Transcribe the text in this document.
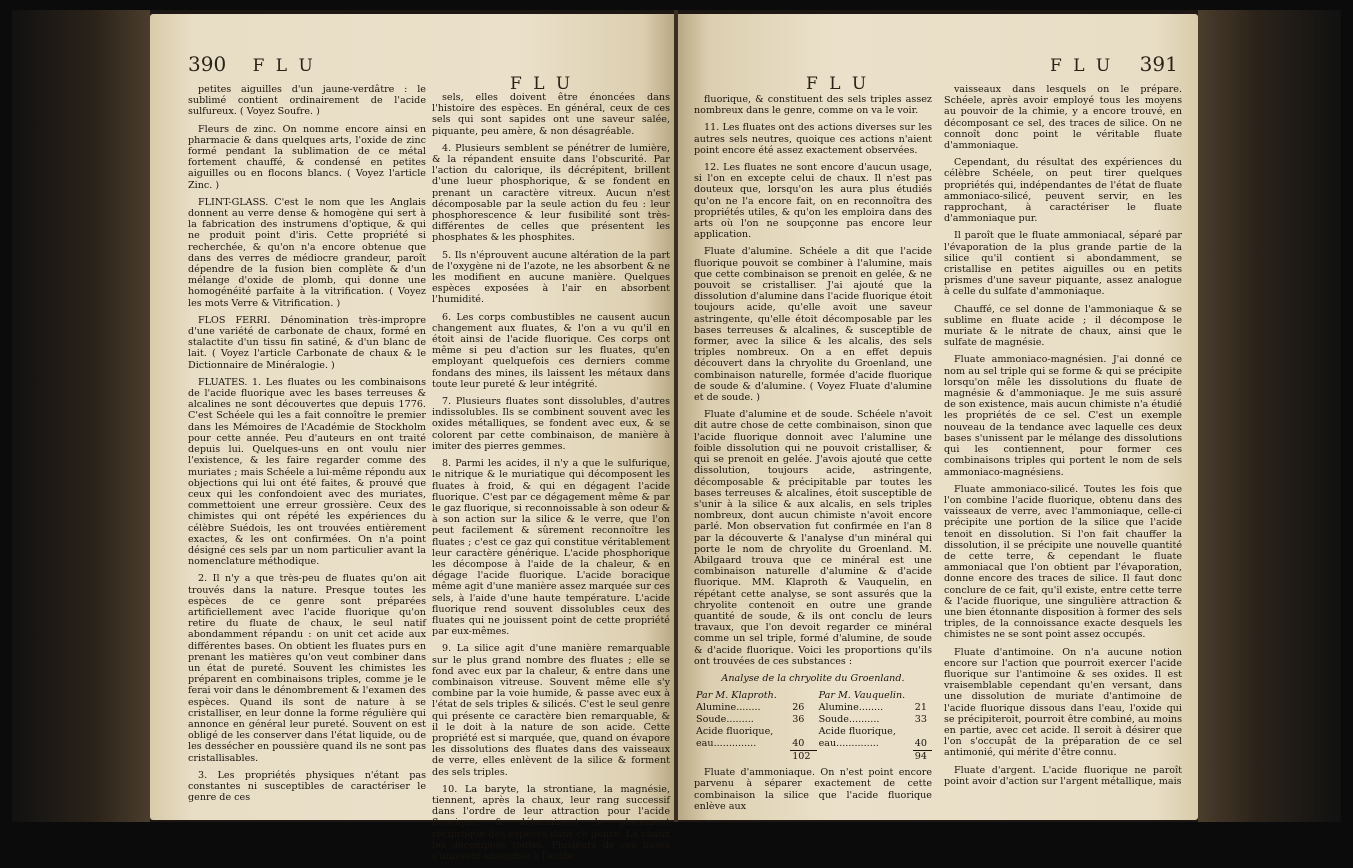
390 F L U
F L U

petites aiguilles d'un jaune-verdâtre : le sublimé contient ordinairement de l'acide sulfureux. ( Voyez Soufre. )

Fleurs de zinc. On nomme encore ainsi en pharmacie & dans quelques arts, l'oxide de zinc formé pendant la sublimation de ce métal fortement chauffé, & condensé en petites aiguilles ou en flocons blancs. ( Voyez l'article Zinc. )

FLINT-GLASS. C'est le nom que les Anglais donnent au verre dense & homogène qui sert à la fabrication des instrumens d'optique, & qui ne produit point d'iris. Cette propriété si recherchée, & qu'on n'a encore obtenue que dans des verres de médiocre grandeur, paroît dépendre de la fusion bien complète & d'un mélange d'oxide de plomb, qui donne une homogénéité parfaite à la vitrification. ( Voyez les mots Verre & Vitrification. )

FLOS FERRI. Dénomination très-impropre d'une variété de carbonate de chaux, formé en stalactite d'un tissu fin satiné, & d'un blanc de lait. ( Voyez l'article Carbonate de chaux & le Dictionnaire de Minéralogie. )

FLUATES. 1. Les fluates ou les combinaisons de l'acide fluorique avec les bases terreuses & alcalines ne sont découvertes que depuis 1776. C'est Schéele qui les a fait connoître le premier dans les Mémoires de l'Académie de Stockholm pour cette année. Peu d'auteurs en ont traité depuis lui. Quelques-uns en ont voulu nier l'existence, & les faire regarder comme des muriates ; mais Schéele a lui-même répondu aux objections qui lui ont été faites, & prouvé que ceux qui les confondoient avec des muriates, commettoient une erreur grossière. Ceux des chimistes qui ont répété les expériences du célèbre Suédois, les ont trouvées entièrement exactes, & les ont confirmées. On n'a point désigné ces sels par un nom particulier avant la nomenclature méthodique.

2. Il n'y a que très-peu de fluates qu'on ait trouvés dans la nature. Presque toutes les espèces de ce genre sont préparées artificiellement avec l'acide fluorique qu'on retire du fluate de chaux, le seul natif abondamment répandu : on unit cet acide aux différentes bases. On obtient les fluates purs en prenant les matières qu'on veut combiner dans un état de pureté. Souvent les chimistes les préparent en combinaisons triples, comme je le ferai voir dans le dénombrement & l'examen des espèces. Quand ils sont de nature à se cristalliser, en leur donne la forme régulière qui annonce en général leur pureté. Souvent on est obligé de les conserver dans l'état liquide, ou de les dessécher en poussière quand ils ne sont pas cristallisables.

3. Les propriétés physiques n'étant pas constantes ni susceptibles de caractériser le genre de ces

sels, elles doivent être énoncées dans l'histoire des espèces. En général, ceux de ces sels qui sont sapides ont une saveur salée, piquante, peu amère, & non désagréable.

4. Plusieurs semblent se pénétrer de lumière, & la répandent ensuite dans l'obscurité. Par l'action du calorique, ils décrépitent, brillent d'une lueur phosphorique, & se fondent en prenant un caractère vitreux. Aucun n'est décomposable par la seule action du feu : leur phosphorescence & leur fusibilité sont très-différentes de celles que présentent les phosphates & les phosphites.

5. Ils n'éprouvent aucune altération de la part de l'oxygène ni de l'azote, ne les absorbent & ne les modifient en aucune manière. Quelques espèces exposées à l'air en absorbent l'humidité.

6. Les corps combustibles ne causent aucun changement aux fluates, & l'on a vu qu'il en étoit ainsi de l'acide fluorique. Ces corps ont même si peu d'action sur les fluates, qu'en employant quelquefois ces derniers comme fondans des mines, ils laissent les métaux dans toute leur pureté & leur intégrité.

7. Plusieurs fluates sont dissolubles, d'autres indissolubles. Ils se combinent souvent avec les oxides métalliques, se fondent avec eux, & se colorent par cette combinaison, de manière à imiter des pierres gemmes.

8. Parmi les acides, il n'y a que le sulfurique, le nitrique & le muriatique qui décomposent les fluates à froid, & qui en dégagent l'acide fluorique. C'est par ce dégagement même & par le gaz fluorique, si reconnoissable à son odeur & à son action sur la silice & le verre, que l'on peut facilement & sûrement reconnoître les fluates ; c'est ce gaz qui constitue véritablement leur caractère générique. L'acide phosphorique les décompose à l'aide de la chaleur, & en dégage l'acide fluorique. L'acide boracique même agit d'une manière assez marquée sur ces sels, à l'aide d'une haute température. L'acide fluorique rend souvent dissolubles ceux des fluates qui ne jouissent point de cette propriété par eux-mêmes.

9. La silice agit d'une manière remarquable sur le plus grand nombre des fluates ; elle se fond avec eux par la chaleur, & entre dans une combinaison vitreuse. Souvent même elle s'y combine par la voie humide, & passe avec eux à l'état de sels triples & silicés. C'est le seul genre qui présente ce caractère bien remarquable, & il le doit à la nature de son acide. Cette propriété est si marquée, que, quand on évapore les dissolutions des fluates dans des vaisseaux de verre, elles enlèvent de la silice & forment des sels triples.

10. La baryte, la strontiane, la magnésie, tiennent, après la chaux, leur rang successif dans l'ordre de leur attraction pour l'acide fluorique, & déterminent le placement réciproque des espèces dans ce genre. La chaux les décompose toutes. Plusieurs de ces bases s'unissent ensemble à l'acide

F L U
F L U 391

fluorique, & constituent des sels triples assez nombreux dans le genre, comme on va le voir.

11. Les fluates ont des actions diverses sur les autres sels neutres, quoique ces actions n'aient point encore été assez exactement observées.

12. Les fluates ne sont encore d'aucun usage, si l'on en excepte celui de chaux. Il n'est pas douteux que, lorsqu'on les aura plus étudiés qu'on ne l'a encore fait, on en reconnoîtra des propriétés utiles, & qu'on les emploira dans des arts où l'on ne soupçonne pas encore leur application.

Fluate d'alumine. Schéele a dit que l'acide fluorique pouvoit se combiner à l'alumine, mais que cette combinaison se prenoit en gelée, & ne pouvoit se cristalliser. J'ai ajouté que la dissolution d'alumine dans l'acide fluorique étoit toujours acide, qu'elle avoit une saveur astringente, qu'elle étoit décomposable par les bases terreuses & alcalines, & susceptible de former, avec la silice & les alcalis, des sels triples nombreux. On a en effet depuis découvert dans la chryolite du Groenland, une combinaison naturelle, formée d'acide fluorique de soude & d'alumine. ( Voyez Fluate d'alumine et de soude. )

Fluate d'alumine et de soude. Schéele n'avoit dit autre chose de cette combinaison, sinon que l'acide fluorique donnoit avec l'alumine une foible dissolution qui ne pouvoit cristalliser, & qui se prenoit en gelée. J'avois ajouté que cette dissolution, toujours acide, astringente, décomposable & précipitable par toutes les bases terreuses & alcalines, étoit susceptible de s'unir à la silice & aux alcalis, en sels triples nombreux, dont aucun chimiste n'avoit encore parlé. Mon observation fut confirmée en l'an 8 par la découverte & l'analyse d'un minéral qui porte le nom de chryolite du Groenland. M. Abilgaard trouva que ce minéral est une combinaison naturelle d'alumine & d'acide fluorique. MM. Klaproth & Vauquelin, en répétant cette analyse, se sont assurés que la chryolite contenoit en outre une grande quantité de soude, & ils ont conclu de leurs travaux, que l'on devoit regarder ce minéral comme un sel triple, formé d'alumine, de soude & d'acide fluorique. Voici les proportions qu'ils ont trouvées de ces substances :

Analyse de la chryolite du Groenland.

Par M. Klaproth.		Par M. Vauquelin.	
Alumine........	26	Alumine........	21
Soude.........	36	Soude..........	33
Acide fluorique,		Acide fluorique,	
eau..............	40	eau..............	40
	102		94

Fluate d'ammoniaque. On n'est point encore parvenu à séparer exactement de cette combinaison la silice que l'acide fluorique enlève aux

vaisseaux dans lesquels on le prépare. Schéele, après avoir employé tous les moyens au pouvoir de la chimie, y a encore trouvé, en décomposant ce sel, des traces de silice. On ne connoît donc point le véritable fluate d'ammoniaque.

Cependant, du résultat des expériences du célèbre Schéele, on peut tirer quelques propriétés qui, indépendantes de l'état de fluate ammoniaco-silicé, peuvent servir, en les rapprochant, à caractériser le fluate d'ammoniaque pur.

Il paroît que le fluate ammoniacal, séparé par l'évaporation de la plus grande partie de la silice qu'il contient si abondamment, se cristallise en petites aiguilles ou en petits prismes d'une saveur piquante, assez analogue à celle du sulfate d'ammoniaque.

Chauffé, ce sel donne de l'ammoniaque & se sublime en fluate acide ; il décompose le muriate & le nitrate de chaux, ainsi que le sulfate de magnésie.

Fluate ammoniaco-magnésien. J'ai donné ce nom au sel triple qui se forme & qui se précipite lorsqu'on mêle les dissolutions du fluate de magnésie & d'ammoniaque. Je me suis assuré de son existence, mais aucun chimiste n'a étudié les propriétés de ce sel. C'est un exemple nouveau de la tendance avec laquelle ces deux bases s'unissent par le mélange des dissolutions qui les contiennent, pour former ces combinaisons triples qui portent le nom de sels ammoniaco-magnésiens.

Fluate ammoniaco-silicé. Toutes les fois que l'on combine l'acide fluorique, obtenu dans des vaisseaux de verre, avec l'ammoniaque, celle-ci précipite une portion de la silice que l'acide tenoit en dissolution. Si l'on fait chauffer la dissolution, il se précipite une nouvelle quantité de cette terre, & cependant le fluate ammoniacal que l'on obtient par l'évaporation, donne encore des traces de silice. Il faut donc conclure de ce fait, qu'il existe, entre cette terre & l'acide fluorique, une singulière attraction & une bien étonnante disposition à former des sels triples, de la connoissance exacte desquels les chimistes ne se sont point assez occupés.

Fluate d'antimoine. On n'a aucune notion encore sur l'action que pourroit exercer l'acide fluorique sur l'antimoine & ses oxides. Il est vraisemblable cependant qu'en versant, dans une dissolution de muriate d'antimoine de l'acide fluorique dissous dans l'eau, l'oxide qui se précipiteroit, pourroit être combiné, au moins en partie, avec cet acide. Il seroit à désirer que l'on s'occupât de la préparation de ce sel antimonié, qui mérite d'être connu.

Fluate d'argent. L'acide fluorique ne paroît point avoir d'action sur l'argent métallique, mais
